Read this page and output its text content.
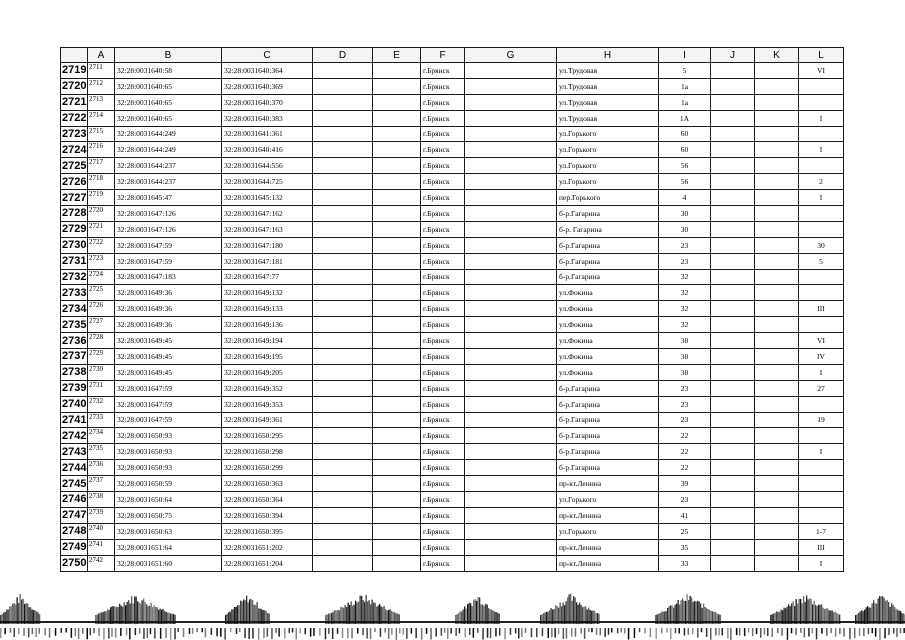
	A	B	C	D	E	F	G	H	I	J	K	L
2719	2711	32:28:0031640:58	32:28:0031640:364			г.Брянск		ул.Трудовая	5			VI
2720	2712	32:28:0031640:65	32:28:0031640:369			г.Брянск		ул.Трудовая	1а			
2721	2713	32:28:0031640:65	32:28:0031640:370			г.Брянск		ул.Трудовая	1а			
2722	2714	32:28:0031640:65	32:28:0031640:383			г.Брянск		ул.Трудовая	1А			I
2723	2715	32:28:0031644:249	32:28:0031641:361			г.Брянск		ул.Горького	60			
2724	2716	32:28:0031644:249	32:28:0031640:416			г.Брянск		ул.Горького	60			I
2725	2717	32:28:0031644:237	32:28:0031644:556			г.Брянск		ул.Горького	56			
2726	2718	32:28:0031644:237	32:28:0031644:725			г.Брянск		ул.Горького	56			2
2727	2719	32:28:0031645:47	32:28:0031645:132			г.Брянск		пер.Горького	4			I
2728	2720	32:28:0031647:126	32:28:0031647:162			г.Брянск		б-р.Гагарина	30			
2729	2721	32:28:0031647:126	32:28:0031647:163			г.Брянск		б-р. Гагарина	30			
2730	2722	32:28:0031647:59	32:28:0031647:180			г.Брянск		б-р.Гагарина	23			30
2731	2723	32:28:0031647:59	32:28:0031647:181			г.Брянск		б-р.Гагарина	23			5
2732	2724	32:28:0031647:183	32:28:0031647:77			г.Брянск		б-р.Гагарина	32			
2733	2725	32:28:0031649:36	32:28:0031649:132			г.Брянск		ул.Фокина	32			
2734	2726	32:28:0031649:36	32:28:0031649:133			г.Брянск		ул.Фокина	32			III
2735	2727	32:28:0031649:36	32:28:0031649:136			г.Брянск		ул.Фокина	32			
2736	2728	32:28:0031649:45	32:28:0031649:194			г.Брянск		ул.Фокина	38			VI
2737	2729	32:28:0031649:45	32:28:0031649:195			г.Брянск		ул.Фокина	38			IV
2738	2730	32:28:0031649:45	32:28:0031649:205			г.Брянск		ул.Фокина	38			I
2739	2731	32:28:0031647:59	32:28:0031649:352			г.Брянск		б-р.Гагарина	23			27
2740	2732	32:28:0031647:59	32:28:0031649:353			г.Брянск		б-р.Гагарина	23			
2741	2733	32:28:0031647:59	32:28:0031649:361			г.Брянск		б-р.Гагарина	23			19
2742	2734	32:28:0031650:93	32:28:0031650:295			г.Брянск		б-р.Гагарина	22			
2743	2735	32:28:0031650:93	32:28:0031650:298			г.Брянск		б-р.Гагарина	22			I
2744	2736	32:28:0031650:93	32:28:0031650:299			г.Брянск		б-р.Гагарина	22			
2745	2737	32:28:0031650:59	32:28:0031650:363			г.Брянск		пр-кт.Ленина	39			
2746	2738	32:28:0031650:64	32:28:0031650:364			г.Брянск		ул.Горького	23			
2747	2739	32:28:0031650:75	32:28:0031650:394			г.Брянск		пр-кт.Ленина	41			
2748	2740	32:28:0031650:63	32:28:0031650:395			г.Брянск		ул.Горького	25			1-7
2749	2741	32:28:0031651:64	32:28:0031651:202			г.Брянск		пр-кт.Ленина	35			III
2750	2742	32:28:0031651:60	32:28:0031651:204			г.Брянск		пр-кт.Ленина	33			I
